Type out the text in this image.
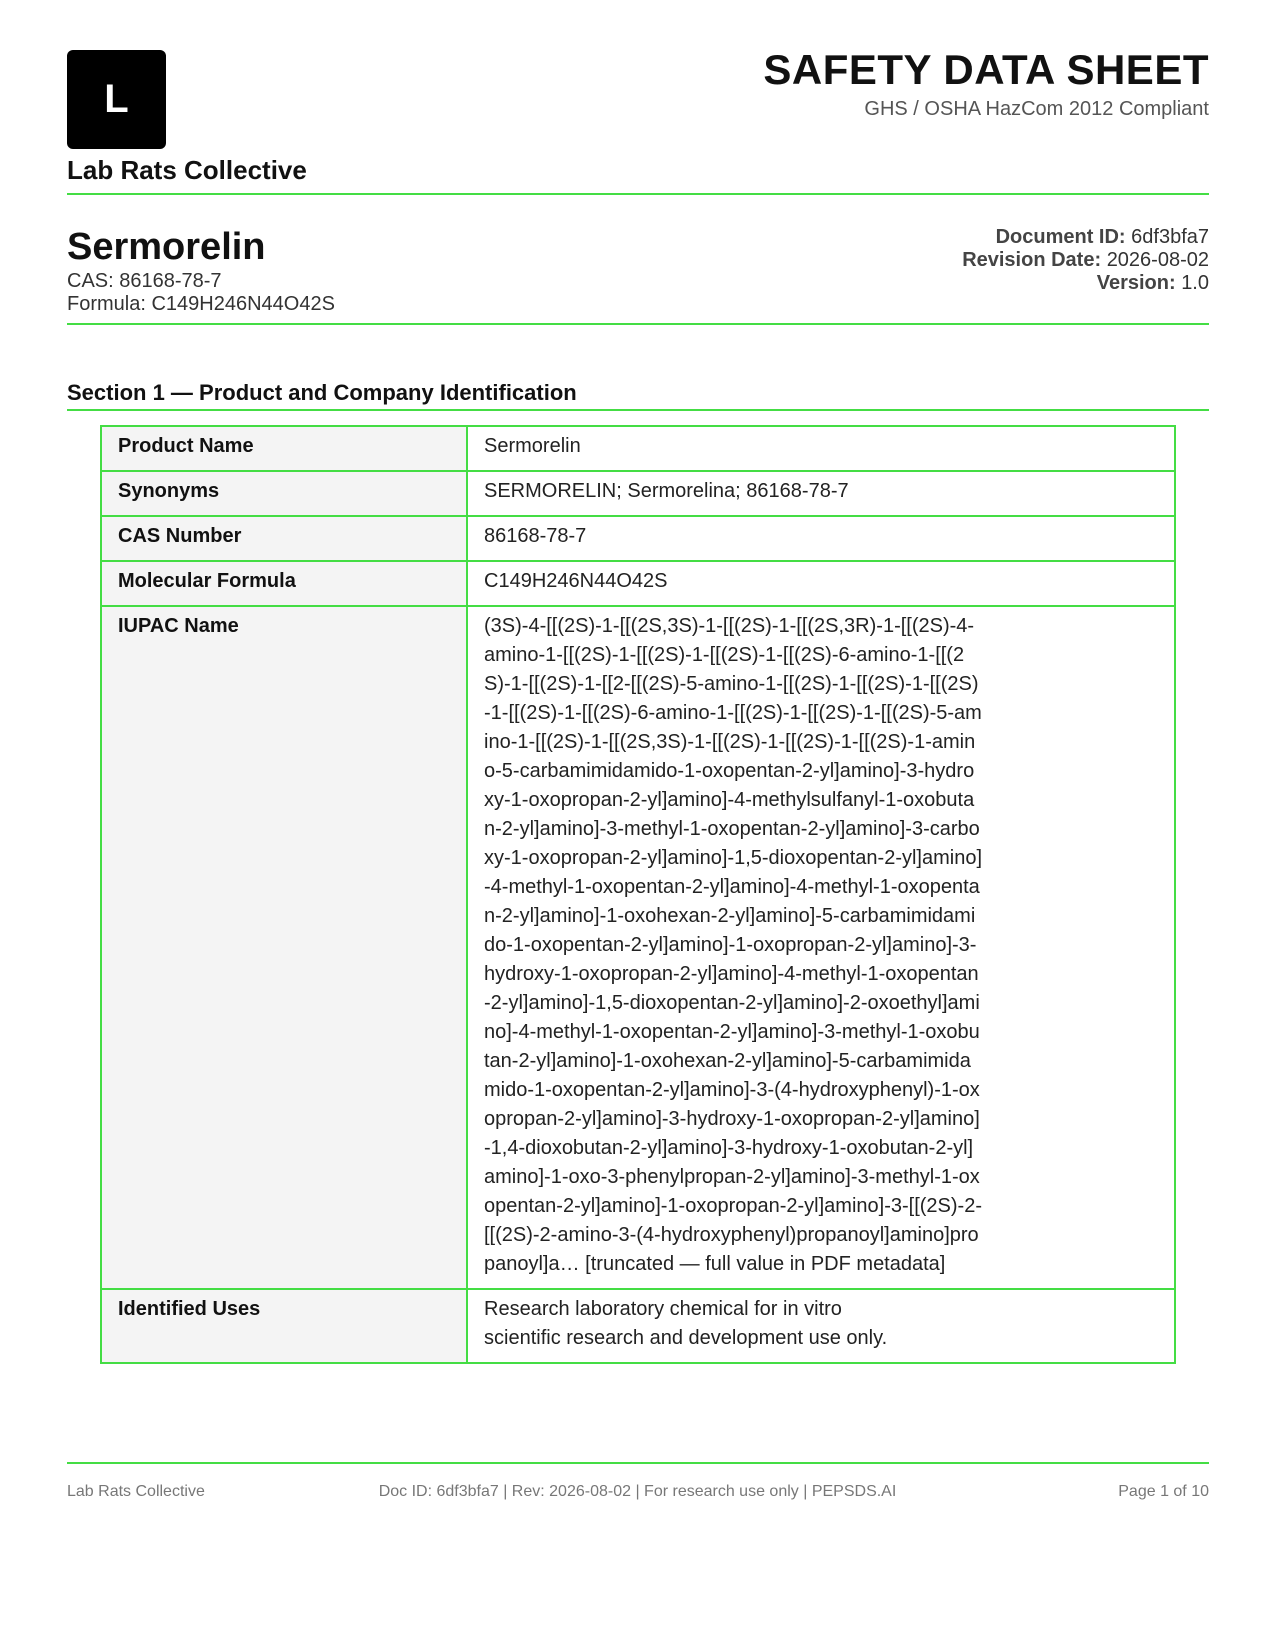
L
Lab Rats Collective
SAFETY DATA SHEET
GHS / OSHA HazCom 2012 Compliant
Sermorelin
CAS: 86168-78-7
Formula: C149H246N44O42S
Document ID: 6df3bfa7
Revision Date: 2026-08-02
Version: 1.0
Section 1 — Product and Company Identification
Product Name	Sermorelin
Synonyms	SERMORELIN; Sermorelina; 86168-78-7
CAS Number	86168-78-7
Molecular Formula	C149H246N44O42S
IUPAC Name	(3S)-4-[[(2S)-1-[[(2S,3S)-1-[[(2S)-1-[[(2S,3R)-1-[[(2S)-4-amino-1-[[(2S)-1-[[(2S)-1-[[(2S)-1-[[(2S)-6-amino-1-[[(2S)-1-[[(2S)-1-[[2-[[(2S)-5-amino-1-[[(2S)-1-[[(2S)-1-[[(2S)-1-[[(2S)-1-[[(2S)-6-amino-1-[[(2S)-1-[[(2S)-1-[[(2S)-5-amino-1-[[(2S)-1-[[(2S,3S)-1-[[(2S)-1-[[(2S)-1-[[(2S)-1-amino-5-carbamimidamido-1-oxopentan-2-yl]amino]-3-hydroxy-1-oxopropan-2-yl]amino]-4-methylsulfanyl-1-oxobutan-2-yl]amino]-3-methyl-1-oxopentan-2-yl]amino]-3-carboxy-1-oxopropan-2-yl]amino]-1,5-dioxopentan-2-yl]amino]-4-methyl-1-oxopentan-2-yl]amino]-4-methyl-1-oxopentan-2-yl]amino]-1-oxohexan-2-yl]amino]-5-carbamimidamido-1-oxopentan-2-yl]amino]-1-oxopropan-2-yl]amino]-3-hydroxy-1-oxopropan-2-yl]amino]-4-methyl-1-oxopentan-2-yl]amino]-1,5-dioxopentan-2-yl]amino]-2-oxoethyl]amino]-4-methyl-1-oxopentan-2-yl]amino]-3-methyl-1-oxobutan-2-yl]amino]-1-oxohexan-2-yl]amino]-5-carbamimidamido-1-oxopentan-2-yl]amino]-3-(4-hydroxyphenyl)-1-oxopropan-2-yl]amino]-3-hydroxy-1-oxopropan-2-yl]amino]-1,4-dioxobutan-2-yl]amino]-3-hydroxy-1-oxobutan-2-yl]amino]-1-oxo-3-phenylpropan-2-yl]amino]-3-methyl-1-oxopentan-2-yl]amino]-1-oxopropan-2-yl]amino]-3-[[(2S)-2-[[(2S)-2-amino-3-(4-hydroxyphenyl)propanoyl]amino]propanoyl]a… [truncated — full value in PDF metadata]

Identified Uses	Research laboratory chemical for in vitro scientific research and development use only.
Lab Rats Collective	Doc ID: 6df3bfa7 | Rev: 2026-08-02 | For research use only | PEPSDS.AI	Page 1 of 10
